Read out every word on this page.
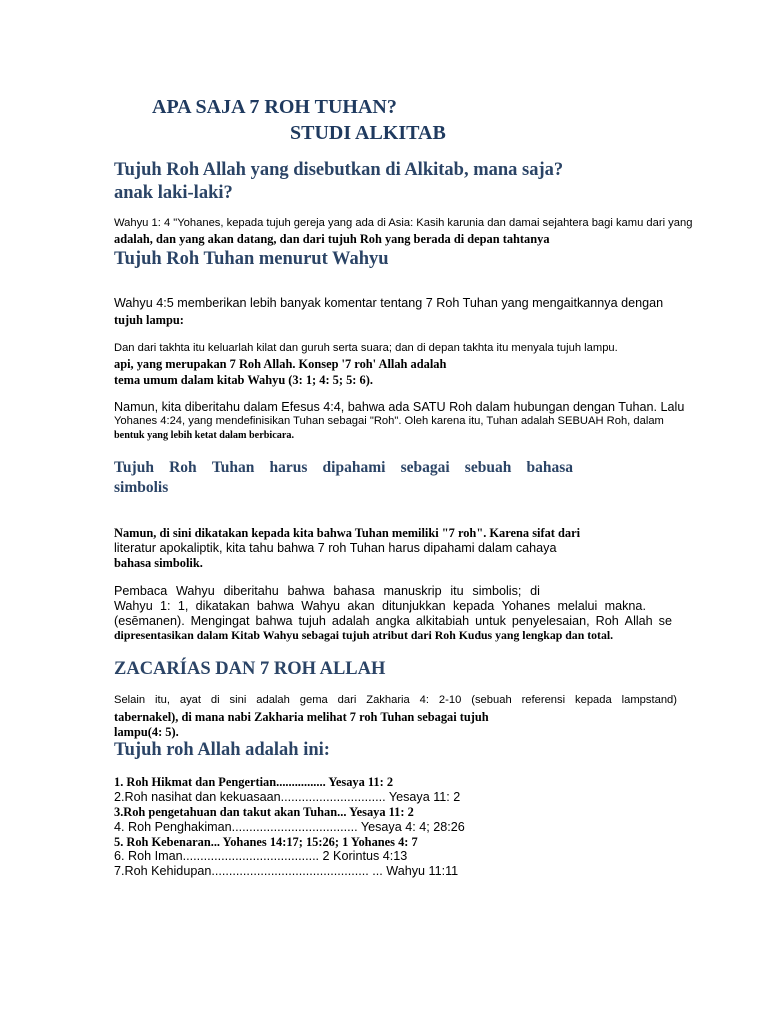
APA SAJA 7 ROH TUHAN?
STUDI ALKITAB
Tujuh Roh Allah yang disebutkan di Alkitab, mana saja?
anak laki-laki?
Wahyu 1: 4 "Yohanes, kepada tujuh gereja yang ada di Asia: Kasih karunia dan damai sejahtera bagi kamu dari yang
adalah, dan yang akan datang, dan dari tujuh Roh yang berada di depan tahtanya
Tujuh Roh Tuhan menurut Wahyu
Wahyu 4:5 memberikan lebih banyak komentar tentang 7 Roh Tuhan yang mengaitkannya dengan
tujuh lampu:
Dan dari takhta itu keluarlah kilat dan guruh serta suara; dan di depan takhta itu menyala tujuh lampu.
api, yang merupakan 7 Roh Allah. Konsep '7 roh' Allah adalah
tema umum dalam kitab Wahyu (3: 1; 4: 5; 5: 6).
Namun, kita diberitahu dalam Efesus 4:4, bahwa ada SATU Roh dalam hubungan dengan Tuhan. Lalu
Yohanes 4:24, yang mendefinisikan Tuhan sebagai "Roh". Oleh karena itu, Tuhan adalah SEBUAH Roh, dalam
bentuk yang lebih ketat dalam berbicara.
Tujuh Roh Tuhan harus dipahami sebagai sebuah bahasa
simbolis
Namun, di sini dikatakan kepada kita bahwa Tuhan memiliki "7 roh". Karena sifat dari
literatur apokaliptik, kita tahu bahwa 7 roh Tuhan harus dipahami dalam cahaya
bahasa simbolik.
Pembaca Wahyu diberitahu bahwa bahasa manuskrip itu simbolis; di
Wahyu 1: 1, dikatakan bahwa Wahyu akan ditunjukkan kepada Yohanes melalui makna.
(esēmanen). Mengingat bahwa tujuh adalah angka alkitabiah untuk penyelesaian, Roh Allah se
dipresentasikan dalam Kitab Wahyu sebagai tujuh atribut dari Roh Kudus yang lengkap dan total.
ZACARÍAS DAN 7 ROH ALLAH
Selain itu, ayat di sini adalah gema dari Zakharia 4: 2-10 (sebuah referensi kepada lampstand)
tabernakel), di mana nabi Zakharia melihat 7 roh Tuhan sebagai tujuh
lampu(4: 5).
Tujuh roh Allah adalah ini:
1. Roh Hikmat dan Pengertian................ Yesaya 11: 2
2.Roh nasihat dan kekuasaan.............................. Yesaya 11: 2
3.Roh pengetahuan dan takut akan Tuhan... Yesaya 11: 2
4. Roh Penghakiman.................................... Yesaya 4: 4; 28:26
5. Roh Kebenaran... Yohanes 14:17; 15:26; 1 Yohanes 4: 7
6. Roh Iman....................................... 2 Korintus 4:13
7.Roh Kehidupan............................................. ... Wahyu 11:11
